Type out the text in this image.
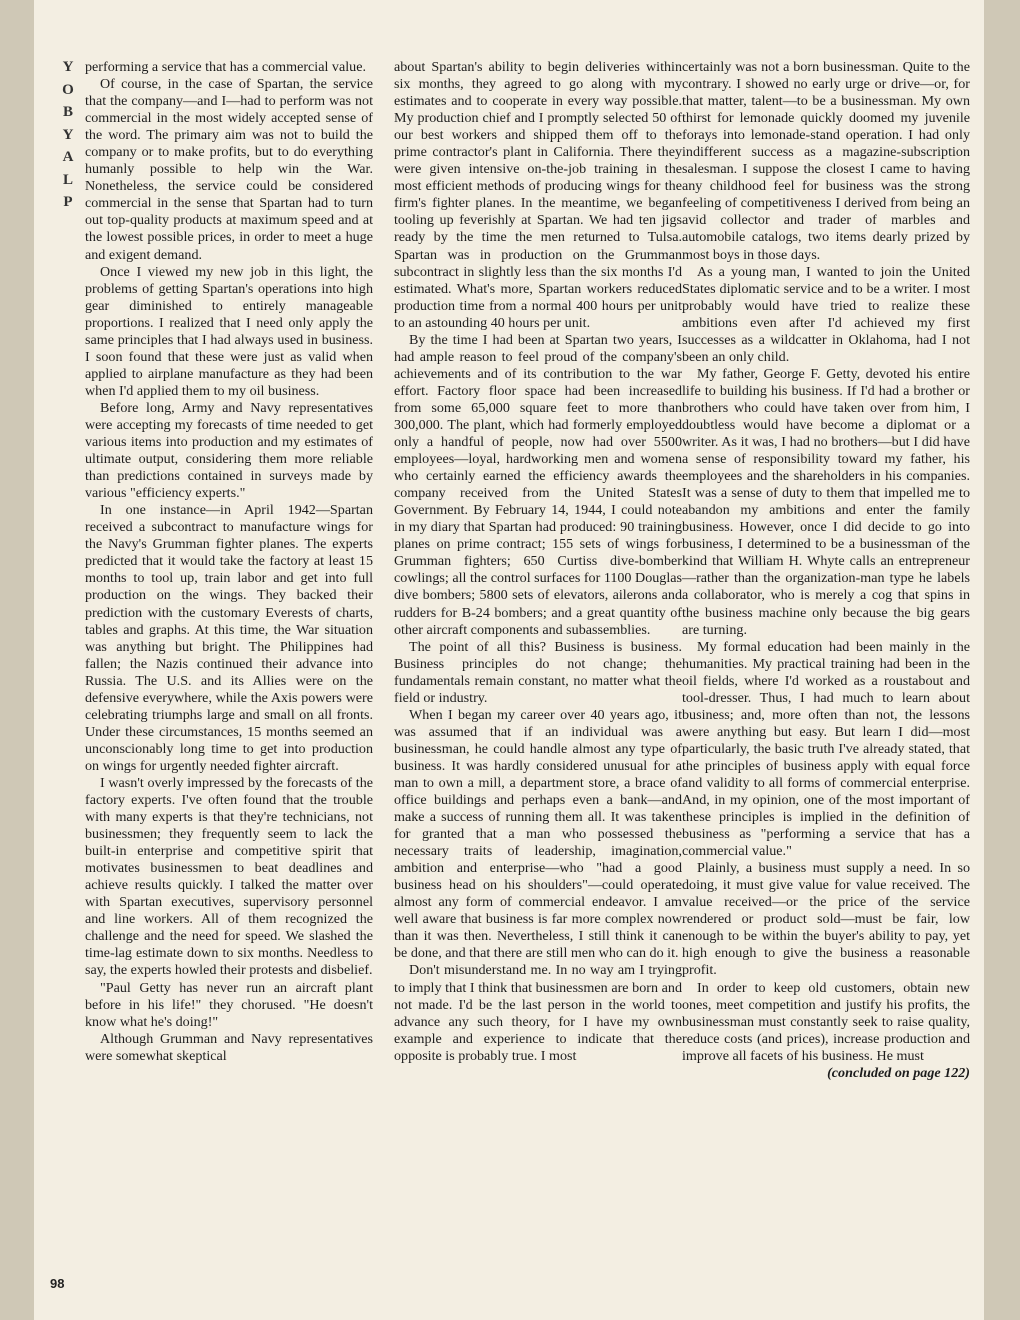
Y
O
B
Y
A
L
P
98

performing a service that has a commercial value.

Of course, in the case of Spartan, the service that the company—and I—had to perform was not commercial in the most widely accepted sense of the word. The primary aim was not to build the company or to make profits, but to do everything humanly possible to help win the War. Nonetheless, the service could be considered commercial in the sense that Spartan had to turn out top-quality products at maximum speed and at the lowest possible prices, in order to meet a huge and exigent demand.

Once I viewed my new job in this light, the problems of getting Spartan's operations into high gear diminished to entirely manageable proportions. I realized that I need only apply the same principles that I had always used in business. I soon found that these were just as valid when applied to airplane manufacture as they had been when I'd applied them to my oil business.

Before long, Army and Navy representatives were accepting my forecasts of time needed to get various items into production and my estimates of ultimate output, considering them more reliable than predictions contained in surveys made by various "efficiency experts."

In one instance—in April 1942—Spartan received a subcontract to manufacture wings for the Navy's Grumman fighter planes. The experts predicted that it would take the factory at least 15 months to tool up, train labor and get into full production on the wings. They backed their prediction with the customary Everests of charts, tables and graphs. At this time, the War situation was anything but bright. The Philippines had fallen; the Nazis continued their advance into Russia. The U.S. and its Allies were on the defensive everywhere, while the Axis powers were celebrating triumphs large and small on all fronts. Under these circumstances, 15 months seemed an unconscionably long time to get into production on wings for urgently needed fighter aircraft.

I wasn't overly impressed by the forecasts of the factory experts. I've often found that the trouble with many experts is that they're technicians, not businessmen; they frequently seem to lack the built-in enterprise and competitive spirit that motivates businessmen to beat deadlines and achieve results quickly. I talked the matter over with Spartan executives, supervisory personnel and line workers. All of them recognized the challenge and the need for speed. We slashed the time-lag estimate down to six months. Needless to say, the experts howled their protests and disbelief.

"Paul Getty has never run an aircraft plant before in his life!" they chorused. "He doesn't know what he's doing!"

Although Grumman and Navy representatives were somewhat skeptical

about Spartan's ability to begin deliveries within six months, they agreed to go along with my estimates and to cooperate in every way possible. My production chief and I promptly selected 50 of our best workers and shipped them off to the prime contractor's plant in California. There they were given intensive on-the-job training in the most efficient methods of producing wings for the firm's fighter planes. In the meantime, we began tooling up feverishly at Spartan. We had ten jigs ready by the time the men returned to Tulsa. Spartan was in production on the Grumman subcontract in slightly less than the six months I'd estimated. What's more, Spartan workers reduced production time from a normal 400 hours per unit to an astounding 40 hours per unit.

By the time I had been at Spartan two years, I had ample reason to feel proud of the company's achievements and of its contribution to the war effort. Factory floor space had been increased from some 65,000 square feet to more than 300,000. The plant, which had formerly employed only a handful of people, now had over 5500 employees—loyal, hardworking men and women who certainly earned the efficiency awards the company received from the United States Government. By February 14, 1944, I could note in my diary that Spartan had produced: 90 training planes on prime contract; 155 sets of wings for Grumman fighters; 650 Curtiss dive-bomber cowlings; all the control surfaces for 1100 Douglas dive bombers; 5800 sets of elevators, ailerons and rudders for B-24 bombers; and a great quantity of other aircraft components and subassemblies.

The point of all this? Business is business. Business principles do not change; the fundamentals remain constant, no matter what the field or industry.

When I began my career over 40 years ago, it was assumed that if an individual was a businessman, he could handle almost any type of business. It was hardly considered unusual for a man to own a mill, a department store, a brace of office buildings and perhaps even a bank—and make a success of running them all. It was taken for granted that a man who possessed the necessary traits of leadership, imagination, ambition and enterprise—who "had a good business head on his shoulders"—could operate almost any form of commercial endeavor. I am well aware that business is far more complex now than it was then. Nevertheless, I still think it can be done, and that there are still men who can do it.

Don't misunderstand me. In no way am I trying to imply that I think that businessmen are born and not made. I'd be the last person in the world to advance any such theory, for I have my own example and experience to indicate that the opposite is probably true. I most

certainly was not a born businessman. Quite to the contrary. I showed no early urge or drive—or, for that matter, talent—to be a businessman. My own thirst for lemonade quickly doomed my juvenile forays into lemonade-stand operation. I had only indifferent success as a magazine-subscription salesman. I suppose the closest I came to having any childhood feel for business was the strong feeling of competitiveness I derived from being an avid collector and trader of marbles and automobile catalogs, two items dearly prized by most boys in those days.

As a young man, I wanted to join the United States diplomatic service and to be a writer. I most probably would have tried to realize these ambitions even after I'd achieved my first successes as a wildcatter in Oklahoma, had I not been an only child.

My father, George F. Getty, devoted his entire life to building his business. If I'd had a brother or brothers who could have taken over from him, I doubtless would have become a diplomat or a writer. As it was, I had no brothers—but I did have a sense of responsibility toward my father, his employees and the shareholders in his companies. It was a sense of duty to them that impelled me to abandon my ambitions and enter the family business. However, once I did decide to go into business, I determined to be a businessman of the kind that William H. Whyte calls an entrepreneur—rather than the organization-man type he labels a collaborator, who is merely a cog that spins in the business machine only because the big gears are turning.

My formal education had been mainly in the humanities. My practical training had been in the oil fields, where I'd worked as a roustabout and tool-dresser. Thus, I had much to learn about business; and, more often than not, the lessons were anything but easy. But learn I did—most particularly, the basic truth I've already stated, that the principles of business apply with equal force and validity to all forms of commercial enterprise. And, in my opinion, one of the most important of these principles is implied in the definition of business as "performing a service that has a commercial value."

Plainly, a business must supply a need. In so doing, it must give value for value received. The value received—or the price of the service rendered or product sold—must be fair, low enough to be within the buyer's ability to pay, yet high enough to give the business a reasonable profit.

In order to keep old customers, obtain new ones, meet competition and justify his profits, the businessman must constantly seek to raise quality, reduce costs (and prices), increase production and improve all facets of his business. He must

(concluded on page 122)
